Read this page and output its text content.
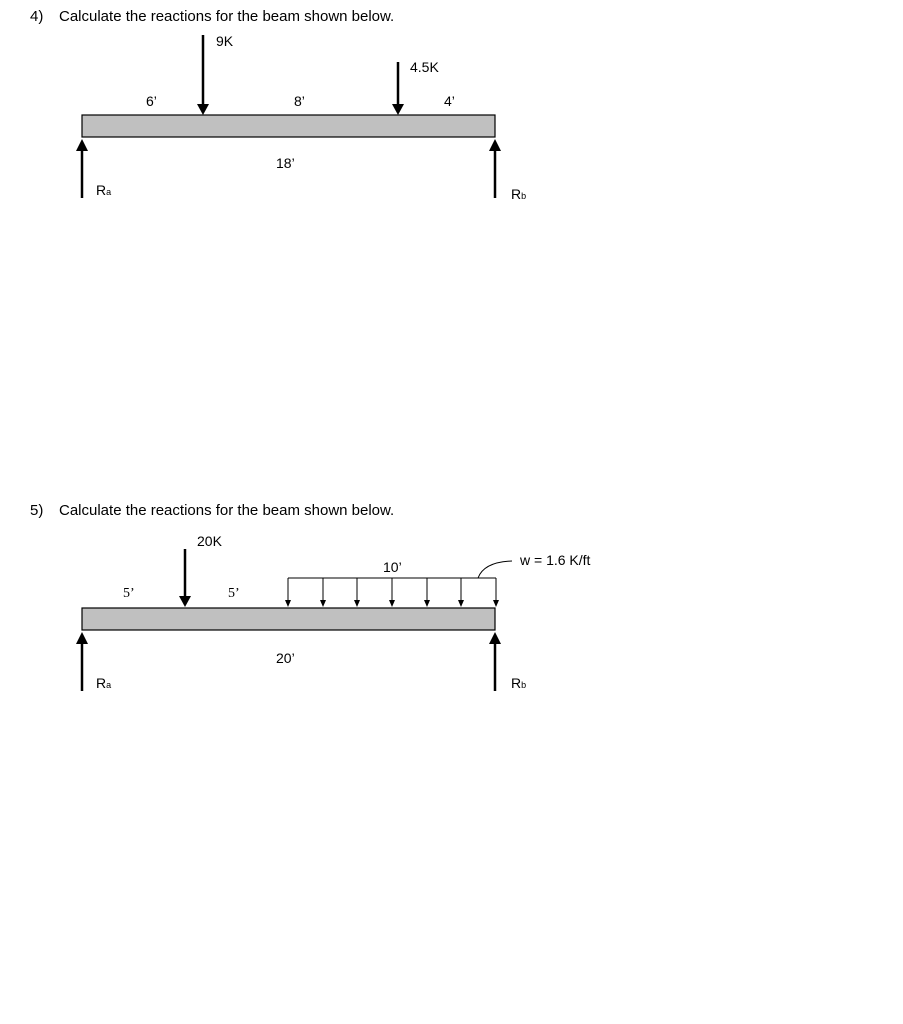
4) Calculate the reactions for the beam shown below.
5) Calculate the reactions for the beam shown below.
9K
4.5K
6’	8’	4’
18’
Ra	Rb
20K
w = 1.6 K/ft
5’	5’
10’
20’
Ra	Rb
